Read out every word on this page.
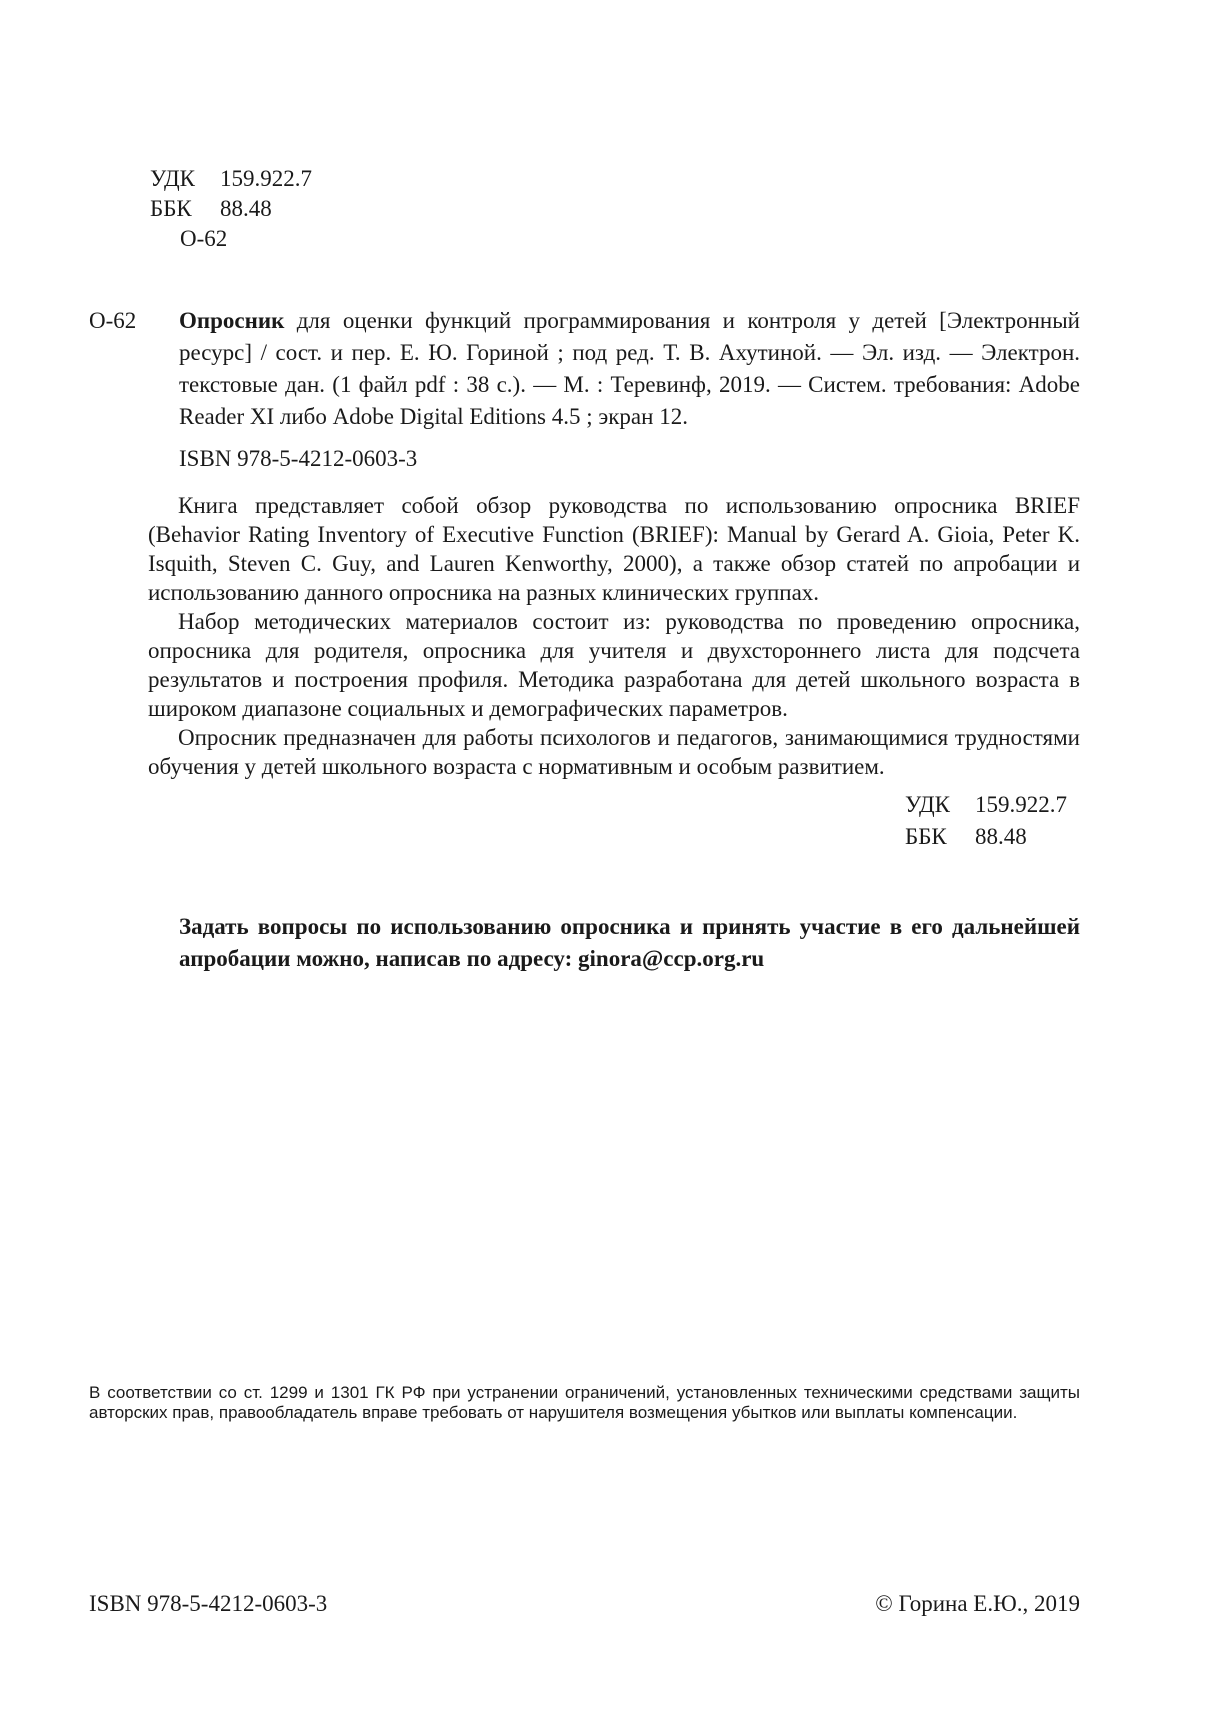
УДК 159.922.7
ББК 88.48
О-62
О-62 Опросник для оценки функций программирования и контроля у детей [Электронный ресурс] / сост. и пер. Е. Ю. Гориной ; под ред. Т. В. Ахутиной. — Эл. изд. — Электрон. текстовые дан. (1 файл pdf : 38 с.). — М. : Теревинф, 2019. — Систем. требования: Adobe Reader XI либо Adobe Digital Editions 4.5 ; экран 12.

ISBN 978-5-4212-0603-3

Книга представляет собой обзор руководства по использованию опросника BRIEF (Behavior Rating Inventory of Executive Function (BRIEF): Manual by Gerard A. Gioia, Peter K. Isquith, Steven C. Guy, and Lauren Kenworthy, 2000), а также обзор статей по апробации и использованию данного опросника на разных клинических группах.

Набор методических материалов состоит из: руководства по проведению опросника, опросника для родителя, опросника для учителя и двухстороннего листа для подсчета результатов и построения профиля. Методика разработана для детей школьного возраста в широком диапазоне социальных и демографических параметров.

Опросник предназначен для работы психологов и педагогов, занимающимися трудностями обучения у детей школьного возраста с нормативным и особым развитием.

УДК 159.922.7
ББК 88.48
Задать вопросы по использованию опросника и принять участие в его дальнейшей апробации можно, написав по адресу: ginora@ccp.org.ru
В соответствии со ст. 1299 и 1301 ГК РФ при устранении ограничений, установленных техническими средствами защиты авторских прав, правообладатель вправе требовать от нарушителя возмещения убытков или выплаты компенсации.
ISBN 978-5-4212-0603-3	© Горина Е.Ю., 2019
